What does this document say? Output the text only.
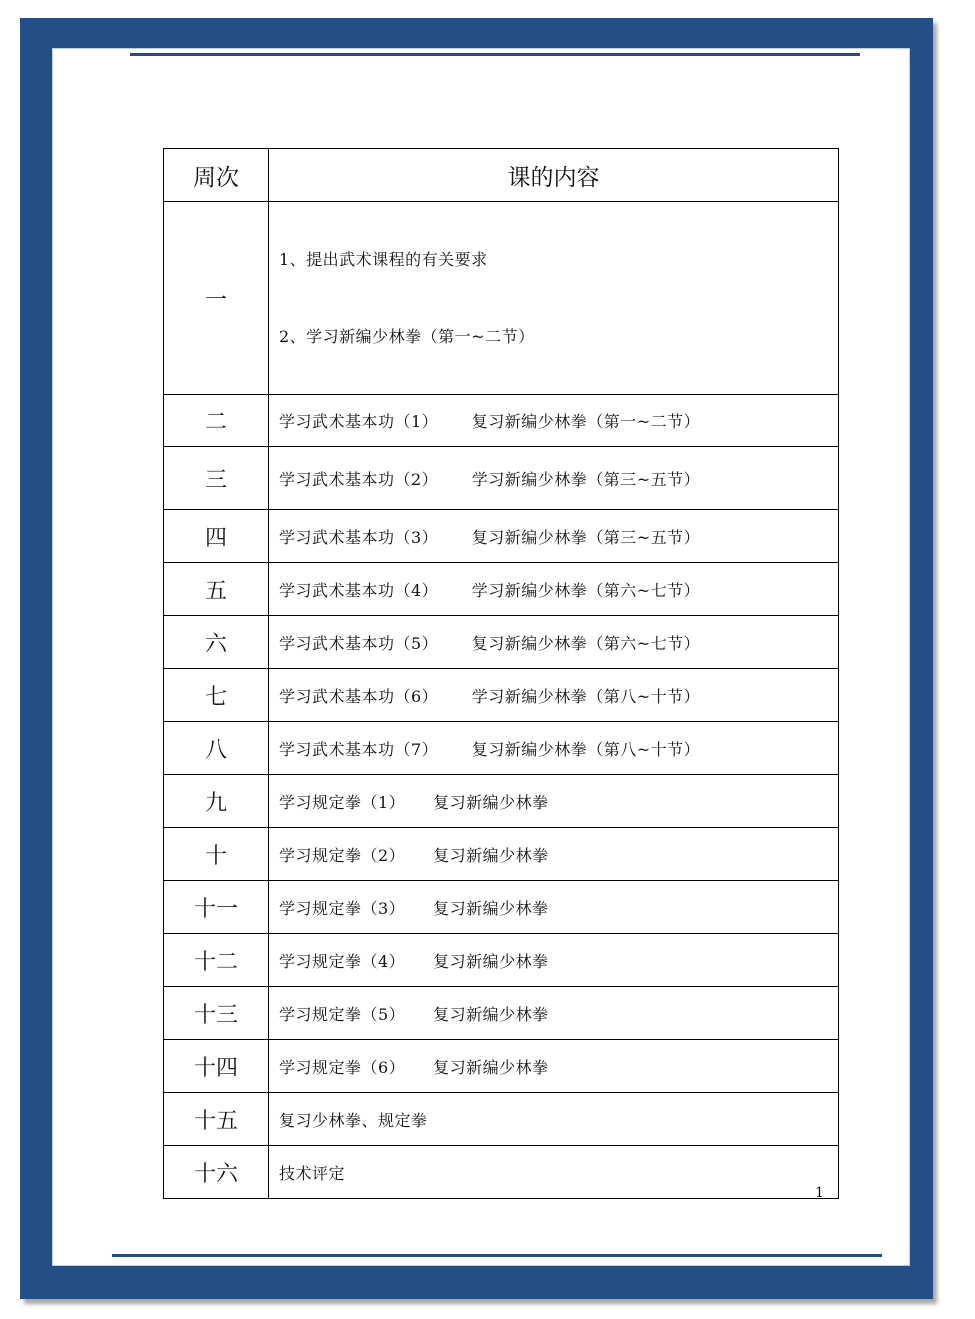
周次	课的内容
一	1、提出武术课程的有关要求

2、学习新编少林拳（第一~二节）

二	学习武术基本功（1）      复习新编少林拳（第一~二节）
三	学习武术基本功（2）      学习新编少林拳（第三~五节）
四	学习武术基本功（3）      复习新编少林拳（第三~五节）
五	学习武术基本功（4）      学习新编少林拳（第六~七节）
六	学习武术基本功（5）      复习新编少林拳（第六~七节）
七	学习武术基本功（6）      学习新编少林拳（第八~十节）
八	学习武术基本功（7）      复习新编少林拳（第八~十节）
九	学习规定拳（1）     复习新编少林拳
十	学习规定拳（2）     复习新编少林拳
十一	学习规定拳（3）     复习新编少林拳
十二	学习规定拳（4）     复习新编少林拳
十三	学习规定拳（5）     复习新编少林拳
十四	学习规定拳（6）     复习新编少林拳
十五	复习少林拳、规定拳
十六	技术评定
1
